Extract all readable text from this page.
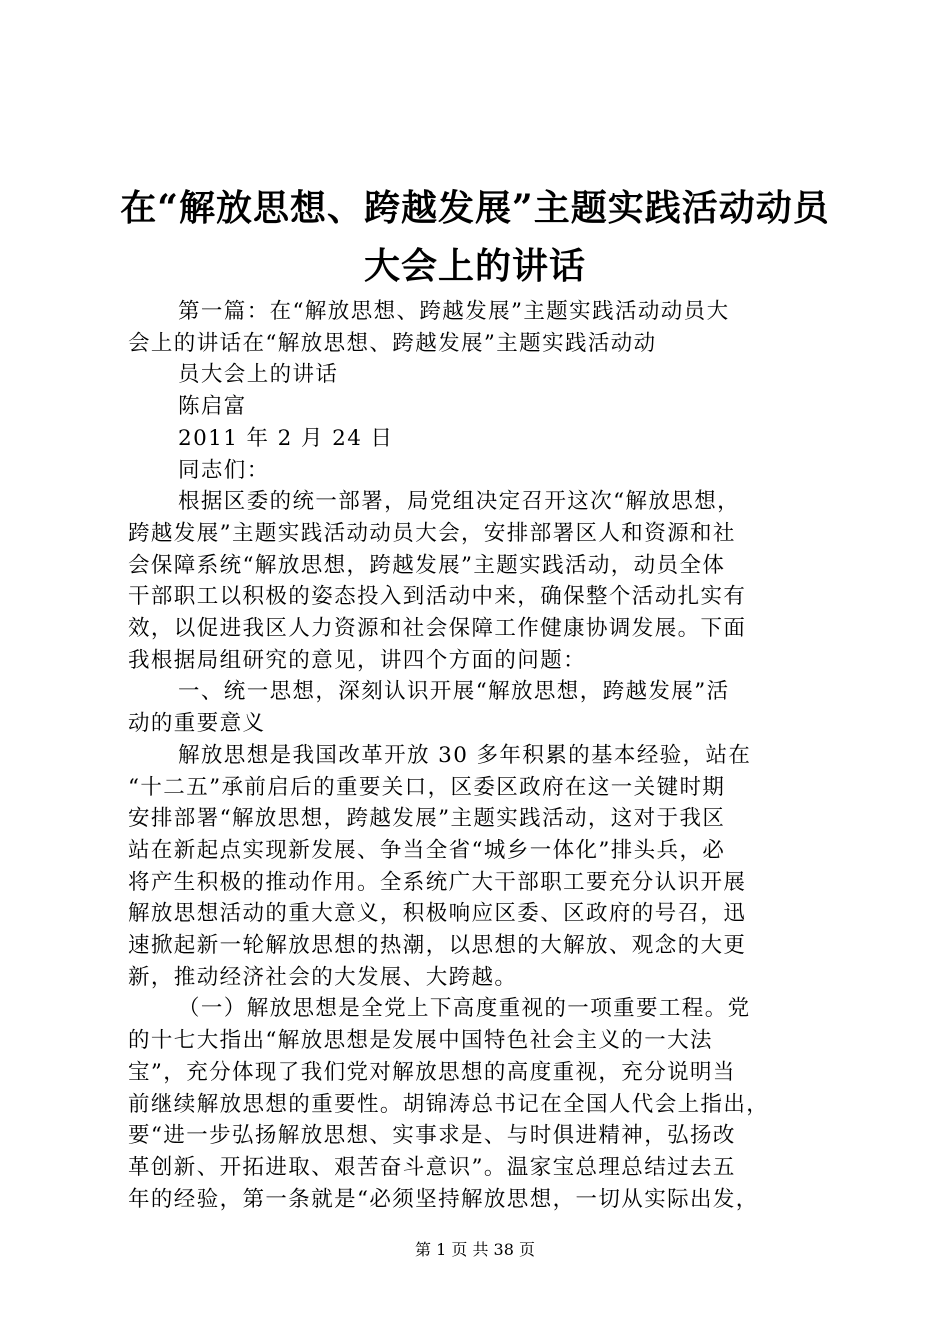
在“解放思想、跨越发展”主题实践活动动员
大会上的讲话

第一篇：在“解放思想、跨越发展”主题实践活动动员大
会上的讲话在“解放思想、跨越发展”主题实践活动动

员大会上的讲话

陈启富

2011 年 2 月 24 日

同志们：

根据区委的统一部署，局党组决定召开这次“解放思想，
跨越发展”主题实践活动动员大会，安排部署区人和资源和社
会保障系统“解放思想，跨越发展”主题实践活动，动员全体
干部职工以积极的姿态投入到活动中来，确保整个活动扎实有
效，以促进我区人力资源和社会保障工作健康协调发展。下面
我根据局组研究的意见，讲四个方面的问题：

一、统一思想，深刻认识开展“解放思想，跨越发展”活
动的重要意义

解放思想是我国改革开放 30 多年积累的基本经验，站在
“十二五”承前启后的重要关口，区委区政府在这一关键时期
安排部署“解放思想，跨越发展”主题实践活动，这对于我区
站在新起点实现新发展、争当全省“城乡一体化”排头兵，必
将产生积极的推动作用。全系统广大干部职工要充分认识开展
解放思想活动的重大意义，积极响应区委、区政府的号召，迅
速掀起新一轮解放思想的热潮，以思想的大解放、观念的大更
新，推动经济社会的大发展、大跨越。

（一）解放思想是全党上下高度重视的一项重要工程。党
的十七大指出“解放思想是发展中国特色社会主义的一大法
宝”，充分体现了我们党对解放思想的高度重视，充分说明当
前继续解放思想的重要性。胡锦涛总书记在全国人代会上指出，
要“进一步弘扬解放思想、实事求是、与时俱进精神，弘扬改
革创新、开拓进取、艰苦奋斗意识”。温家宝总理总结过去五
年的经验，第一条就是“必须坚持解放思想，一切从实际出发，

第 1 页 共 38 页
